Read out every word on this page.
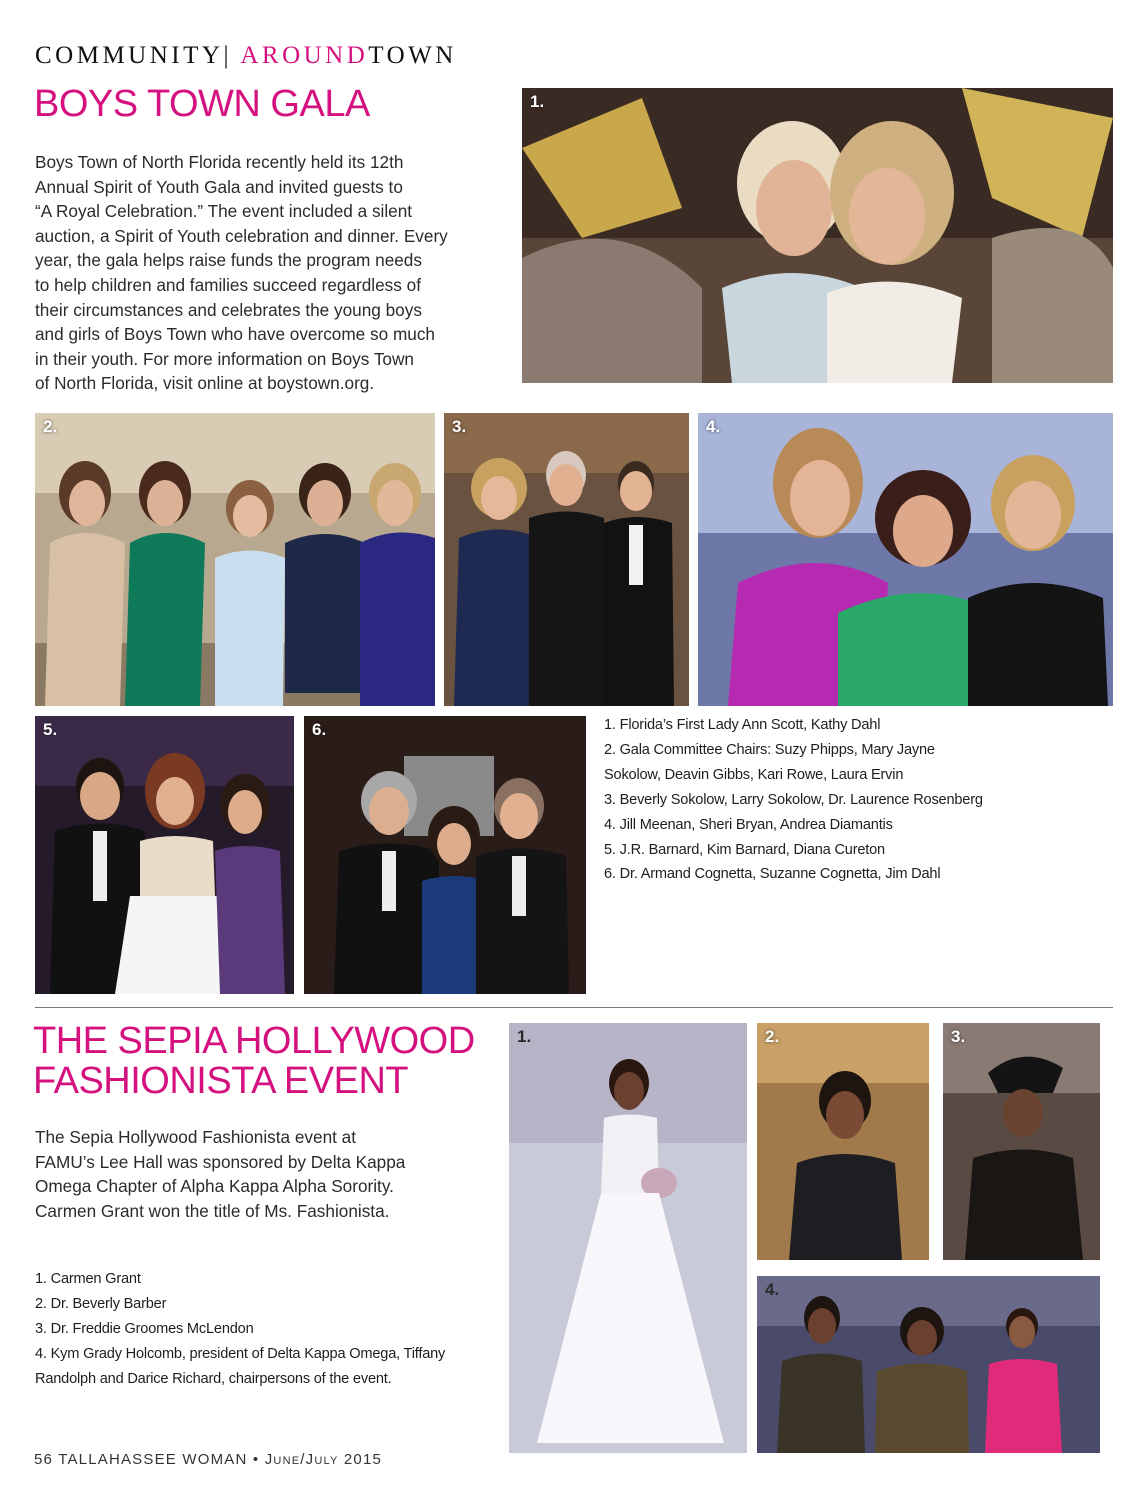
COMMUNITY| AROUNDTOWN
BOYS TOWN GALA
Boys Town of North Florida recently held its 12th
Annual Spirit of Youth Gala and invited guests to
“A Royal Celebration.” The event included a silent
auction, a Spirit of Youth celebration and dinner. Every
year, the gala helps raise funds the program needs
to help children and families succeed regardless of
their circumstances and celebrates the young boys
and girls of Boys Town who have overcome so much
in their youth. For more information on Boys Town
of North Florida, visit online at boystown.org.
1.
2.	3.	4.
5.	6.	1. Florida’s First Lady Ann Scott, Kathy Dahl
2. Gala Committee Chairs: Suzy Phipps, Mary Jayne
Sokolow, Deavin Gibbs, Kari Rowe, Laura Ervin
3. Beverly Sokolow, Larry Sokolow, Dr. Laurence Rosenberg
4. Jill Meenan, Sheri Bryan, Andrea Diamantis
5. J.R. Barnard, Kim Barnard, Diana Cureton
6. Dr. Armand Cognetta, Suzanne Cognetta, Jim Dahl
THE SEPIA HOLLYWOOD
FASHIONISTA EVENT
The Sepia Hollywood Fashionista event at
FAMU’s Lee Hall was sponsored by Delta Kappa
Omega Chapter of Alpha Kappa Alpha Sorority.
Carmen Grant won the title of Ms. Fashionista.
1. Carmen Grant
2. Dr. Beverly Barber
3. Dr. Freddie Groomes McLendon
4. Kym Grady Holcomb, president of Delta Kappa Omega, Tiffany
Randolph and Darice Richard, chairpersons of the event.
1.	2.	3.
4.
56 TALLAHASSEE WOMAN • June/July 2015
